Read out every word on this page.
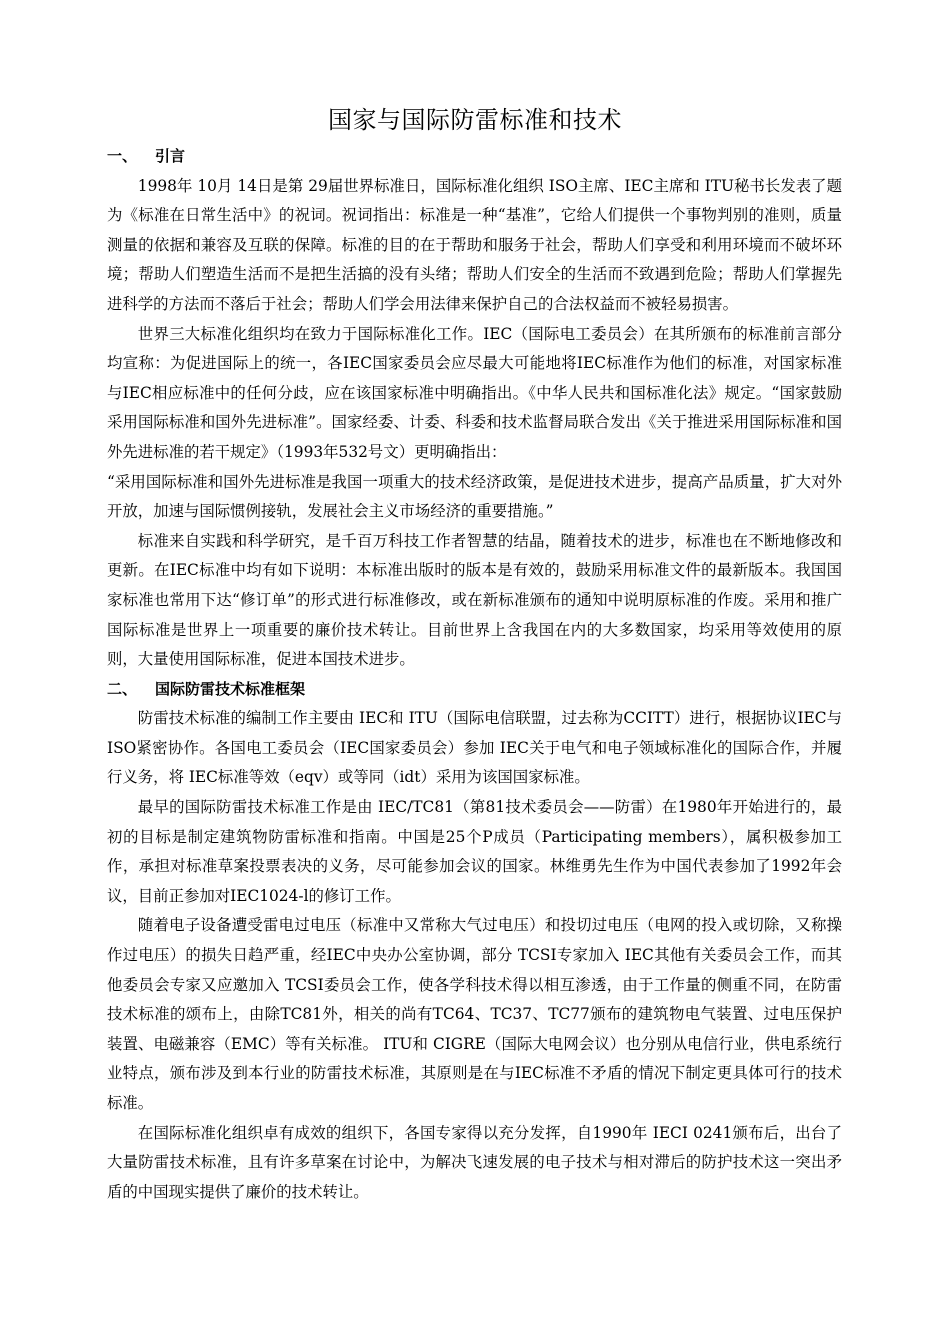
国家与国际防雷标准和技术
一、 引言

1998年 10月 14日是第 29届世界标准日，国际标准化组织 ISO主席、IEC主席和 ITU秘书长发表了题为《标准在日常生活中》的祝词。祝词指出：标准是一种“基准”，它给人们提供一个事物判别的准则，质量测量的依据和兼容及互联的保障。标准的目的在于帮助和服务于社会，帮助人们享受和利用环境而不破坏环境；帮助人们塑造生活而不是把生活搞的没有头绪；帮助人们安全的生活而不致遇到危险；帮助人们掌握先进科学的方法而不落后于社会；帮助人们学会用法律来保护自己的合法权益而不被轻易损害。

世界三大标准化组织均在致力于国际标准化工作。IEC（国际电工委员会）在其所颁布的标准前言部分均宣称：为促进国际上的统一，各IEC国家委员会应尽最大可能地将IEC标准作为他们的标准，对国家标准与IEC相应标准中的任何分歧，应在该国家标准中明确指出。《中华人民共和国标准化法》规定。“国家鼓励采用国际标准和国外先进标准”。国家经委、计委、科委和技术监督局联合发出《关于推进采用国际标准和国外先进标准的若干规定》（1993年532号文）更明确指出：

“采用国际标准和国外先进标准是我国一项重大的技术经济政策，是促进技术进步，提高产品质量，扩大对外开放，加速与国际惯例接轨，发展社会主义市场经济的重要措施。”

标准来自实践和科学研究，是千百万科技工作者智慧的结晶，随着技术的进步，标准也在不断地修改和更新。在IEC标准中均有如下说明：本标准出版时的版本是有效的，鼓励采用标准文件的最新版本。我国国家标准也常用下达“修订单”的形式进行标准修改，或在新标准颁布的通知中说明原标准的作废。采用和推广国际标准是世界上一项重要的廉价技术转让。目前世界上含我国在内的大多数国家，均采用等效使用的原则，大量使用国际标准，促进本国技术进步。

二、 国际防雷技术标准框架

防雷技术标准的编制工作主要由 IEC和 ITU（国际电信联盟，过去称为CCITT）进行，根据协议IEC与ISO紧密协作。各国电工委员会（IEC国家委员会）参加 IEC关于电气和电子领域标准化的国际合作，并履行义务，将 IEC标准等效（eqv）或等同（idt）采用为该国国家标准。

最早的国际防雷技术标准工作是由 IEC/TC81（第81技术委员会——防雷）在1980年开始进行的，最初的目标是制定建筑物防雷标准和指南。中国是25个P成员（Participating members），属积极参加工作，承担对标准草案投票表决的义务，尽可能参加会议的国家。林维勇先生作为中国代表参加了1992年会议，目前正参加对IEC1024-l的修订工作。

随着电子设备遭受雷电过电压（标准中又常称大气过电压）和投切过电压（电网的投入或切除，又称操作过电压）的损失日趋严重，经IEC中央办公室协调，部分 TCSI专家加入 IEC其他有关委员会工作，而其他委员会专家又应邀加入 TCSI委员会工作，使各学科技术得以相互渗透，由于工作量的侧重不同，在防雷技术标准的颂布上，由除TC81外，相关的尚有TC64、TC37、TC77颁布的建筑物电气装置、过电压保护装置、电磁兼容（EMC）等有关标准。 ITU和 CIGRE（国际大电网会议）也分别从电信行业，供电系统行业特点，颁布涉及到本行业的防雷技术标准，其原则是在与IEC标准不矛盾的情况下制定更具体可行的技术标准。

在国际标准化组织卓有成效的组织下，各国专家得以充分发挥，自1990年 IECI 0241颁布后，出台了大量防雷技术标准，且有许多草案在讨论中，为解决飞速发展的电子技术与相对滞后的防护技术这一突出矛盾的中国现实提供了廉价的技术转让。
